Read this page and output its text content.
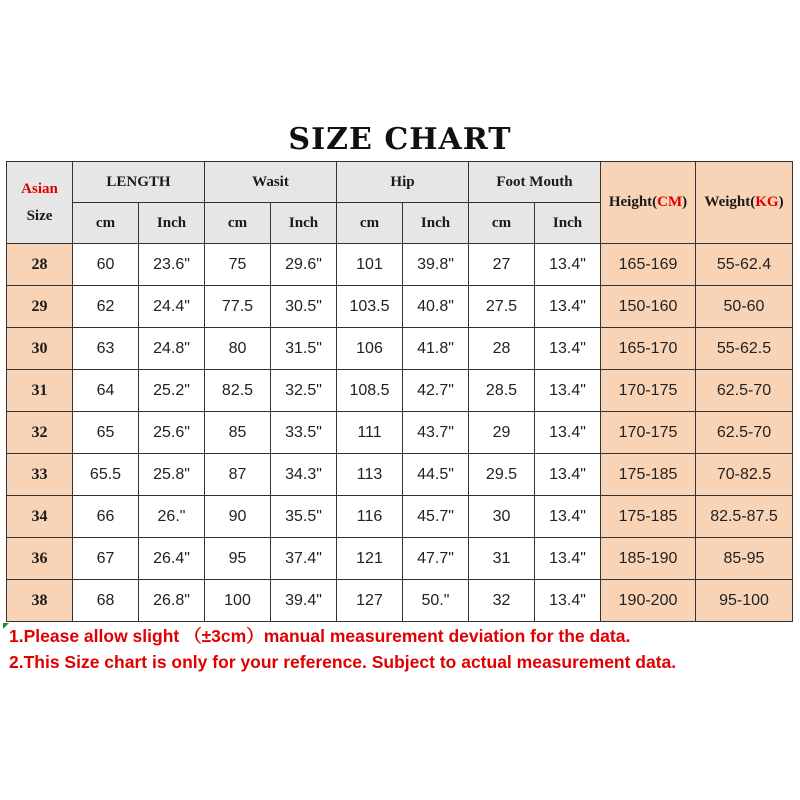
SIZE CHART
Asian
Size	LENGTH		Wasit		Hip		Foot Mouth		Height(CM)	Weight(KG)
	cm	Inch	cm	Inch	cm	Inch	cm	Inch		
28	60	23.6"	75	29.6"	101	39.8"	27	13.4"	165-169	55-62.4
29	62	24.4"	77.5	30.5"	103.5	40.8"	27.5	13.4"	150-160	50-60
30	63	24.8"	80	31.5"	106	41.8"	28	13.4"	165-170	55-62.5
31	64	25.2"	82.5	32.5"	108.5	42.7"	28.5	13.4"	170-175	62.5-70
32	65	25.6"	85	33.5"	111	43.7"	29	13.4"	170-175	62.5-70
33	65.5	25.8"	87	34.3"	113	44.5"	29.5	13.4"	175-185	70-82.5
34	66	26."	90	35.5"	116	45.7"	30	13.4"	175-185	82.5-87.5
36	67	26.4"	95	37.4"	121	47.7"	31	13.4"	185-190	85-95
38	68	26.8"	100	39.4"	127	50."	32	13.4"	190-200	95-100
1.Please allow slight （±3cm）manual measurement deviation for the data.
2.This Size chart is only for your reference. Subject to actual measurement data.
